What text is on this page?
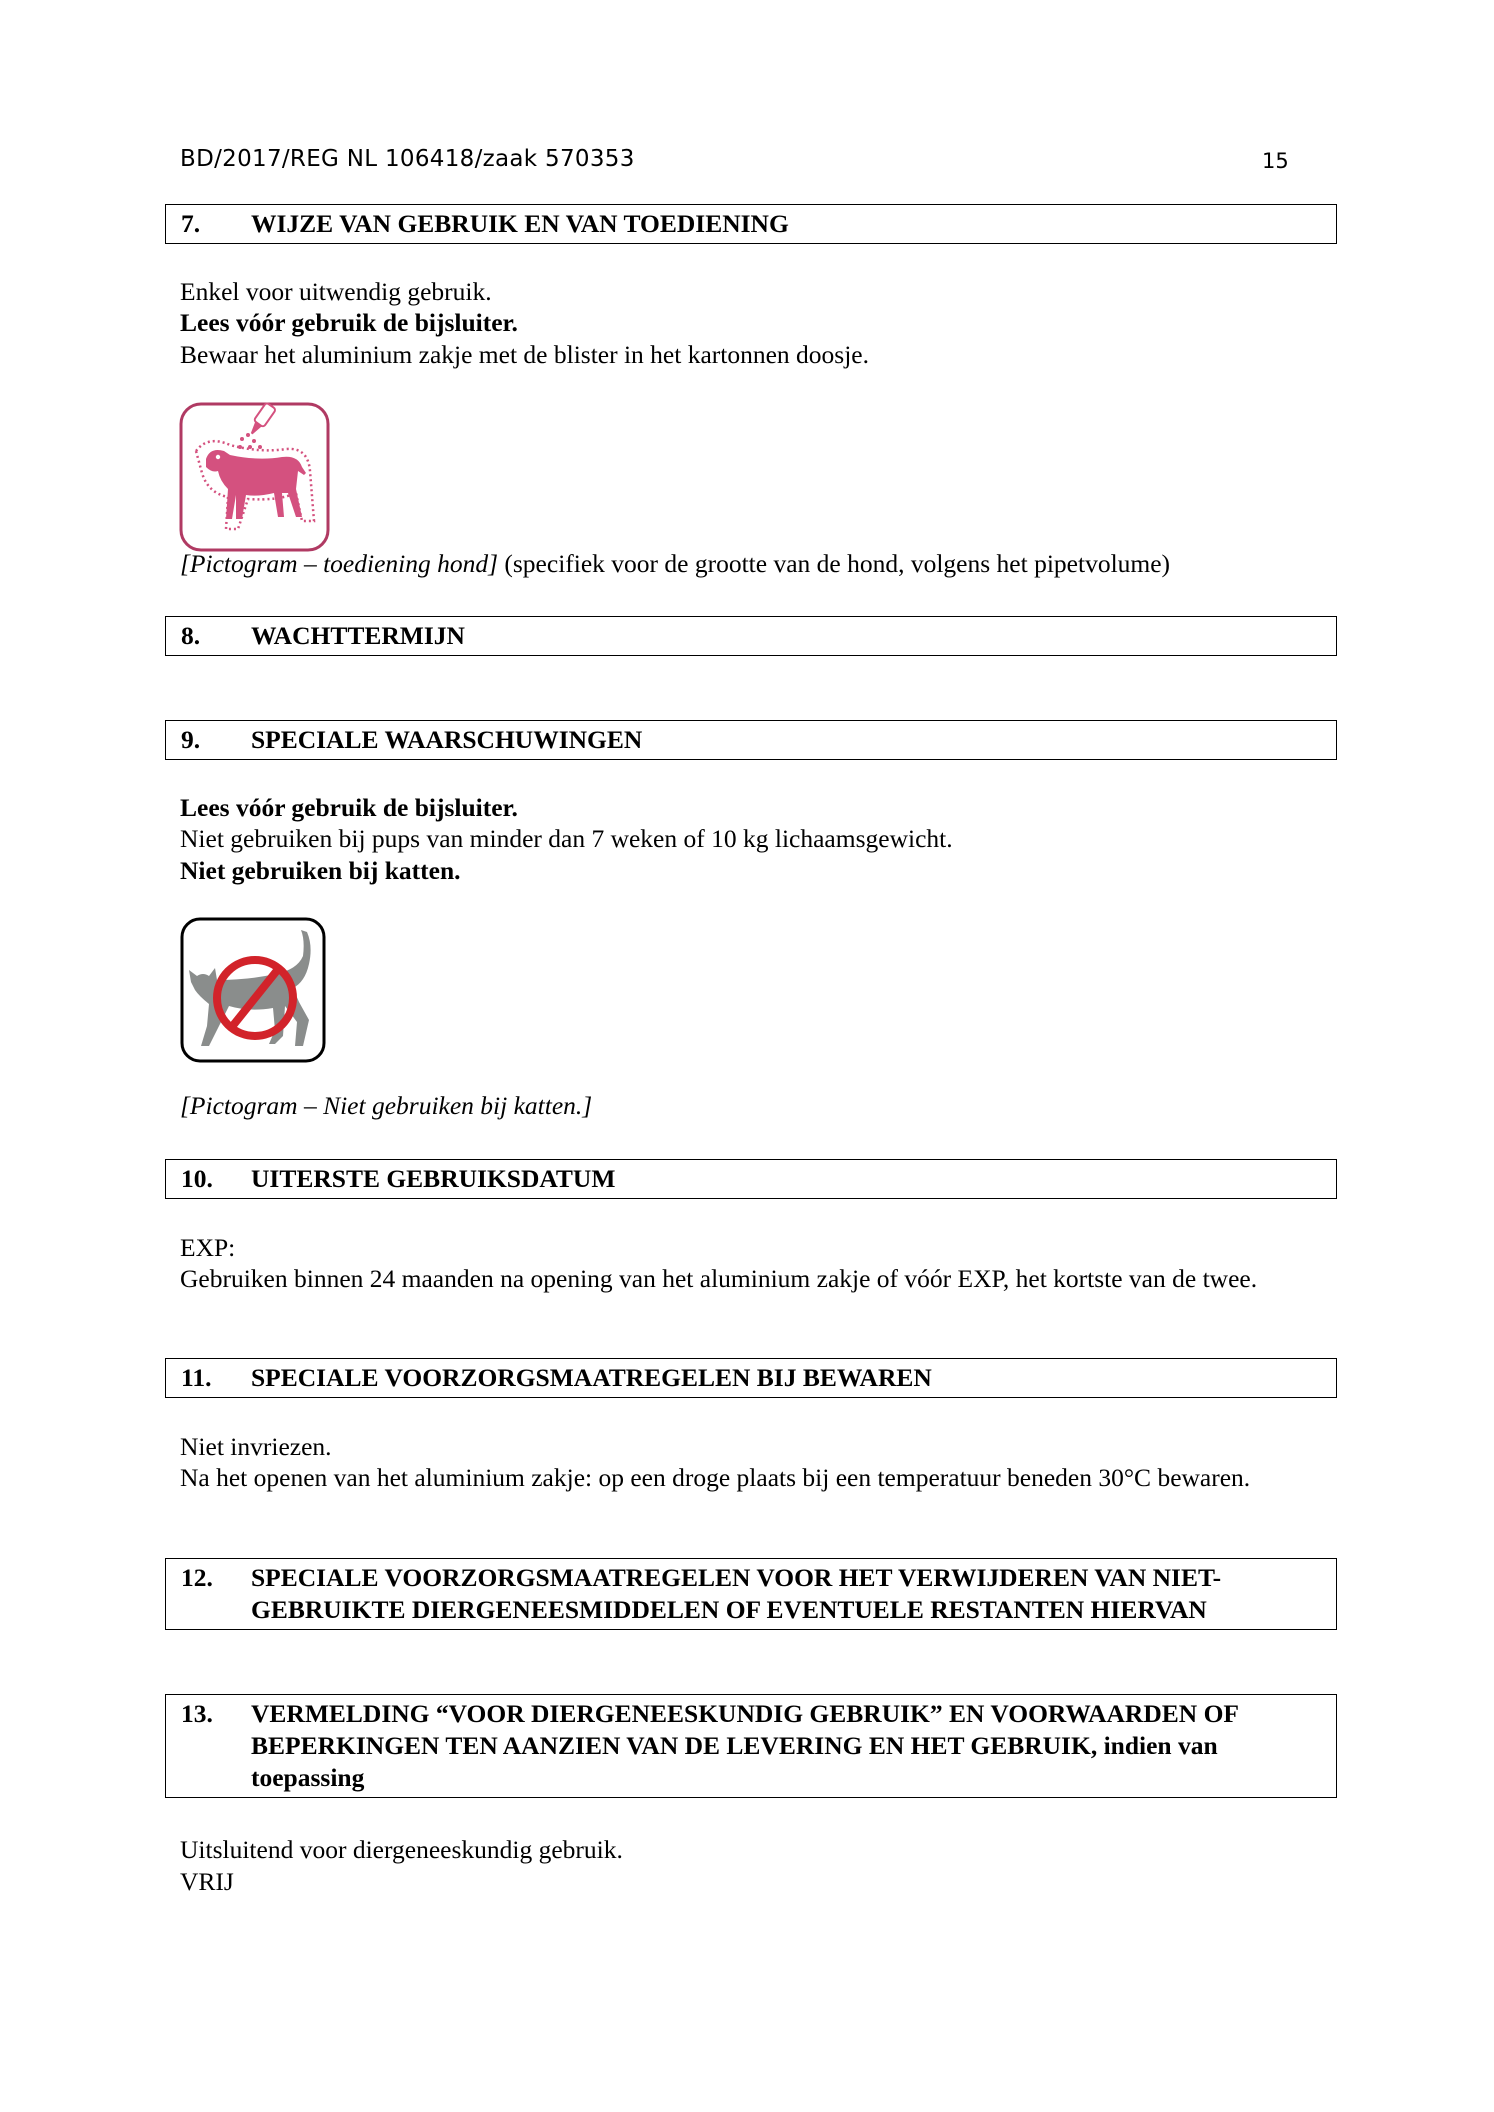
BD/2017/REG NL 106418/zaak 570353	15
7.	WIJZE VAN GEBRUIK EN VAN TOEDIENING
Enkel voor uitwendig gebruik.
Lees vóór gebruik de bijsluiter.
Bewaar het aluminium zakje met de blister in het kartonnen doosje.
[Pictogram – toediening hond] (specifiek voor de grootte van de hond, volgens het pipetvolume)
8.	WACHTTERMIJN
9.	SPECIALE WAARSCHUWINGEN
Lees vóór gebruik de bijsluiter.
Niet gebruiken bij pups van minder dan 7 weken of 10 kg lichaamsgewicht.
Niet gebruiken bij katten.
[Pictogram – Niet gebruiken bij katten.]
10.	UITERSTE GEBRUIKSDATUM
EXP:
Gebruiken binnen 24 maanden na opening van het aluminium zakje of vóór EXP, het kortste van de twee.
11.	SPECIALE VOORZORGSMAATREGELEN BIJ BEWAREN
Niet invriezen.
Na het openen van het aluminium zakje: op een droge plaats bij een temperatuur beneden 30°C bewaren.
12.	SPECIALE VOORZORGSMAATREGELEN VOOR HET VERWIJDEREN VAN NIET-GEBRUIKTE DIERGENEESMIDDELEN OF EVENTUELE RESTANTEN HIERVAN
13.	VERMELDING “VOOR DIERGENEESKUNDIG GEBRUIK” EN VOORWAARDEN OF BEPERKINGEN TEN AANZIEN VAN DE LEVERING EN HET GEBRUIK, indien van toepassing
Uitsluitend voor diergeneeskundig gebruik.
VRIJ
